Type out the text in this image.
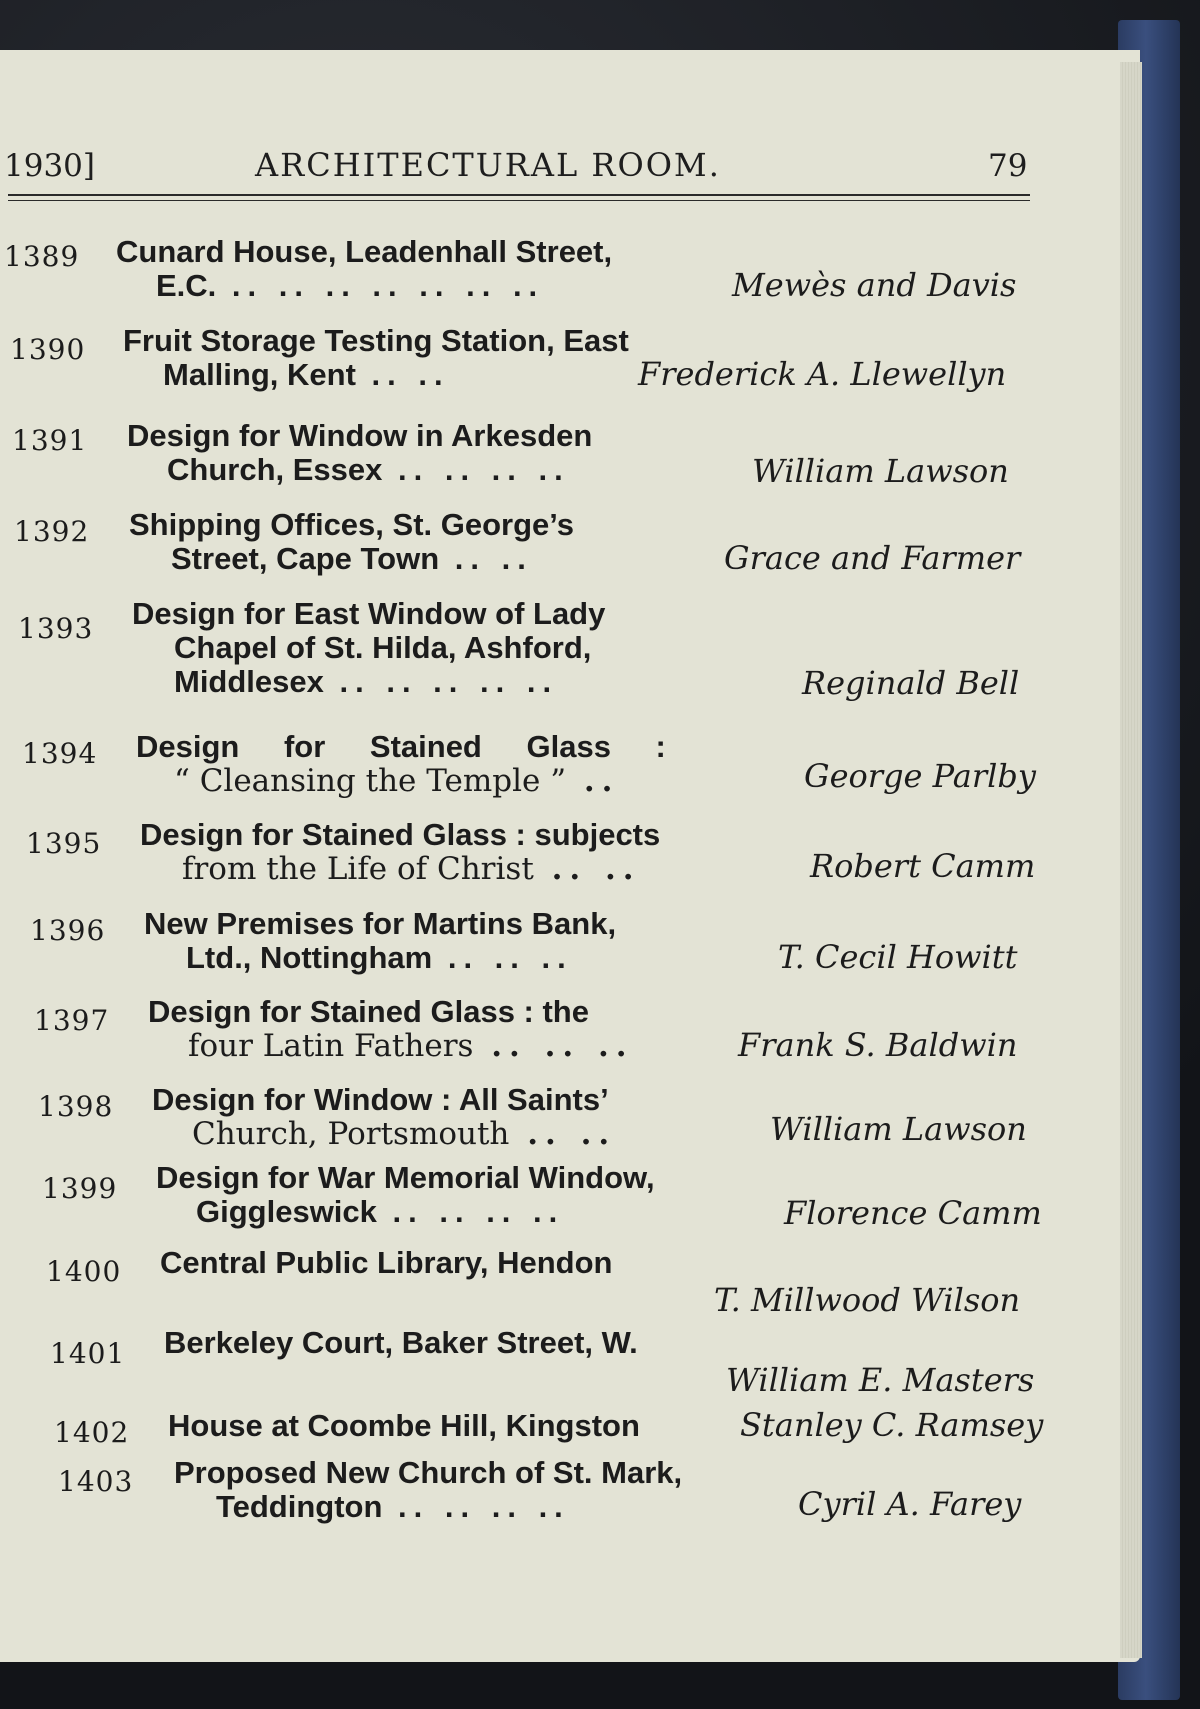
1930]	ARCHITECTURAL ROOM.	79
1389 Cunard House, Leadenhall Street,
E.C. .. .. .. .. .. .. ..	Mewès and Davis
1390 Fruit Storage Testing Station, East
Malling, Kent .. ..	Frederick A. Llewellyn
1391 Design for Window in Arkesden
Church, Essex .. .. .. ..	William Lawson
1392 Shipping Offices, St. George’s
Street, Cape Town .. ..	Grace and Farmer
1393 Design for East Window of Lady
Chapel of St. Hilda, Ashford,
Middlesex .. .. .. .. ..	Reginald Bell
1394 Design for Stained Glass :
“ Cleansing the Temple ” ..	George Parlby
1395 Design for Stained Glass : subjects
from the Life of Christ .. ..	Robert Camm
1396 New Premises for Martins Bank,
Ltd., Nottingham .. .. ..	T. Cecil Howitt
1397 Design for Stained Glass : the
four Latin Fathers .. .. ..	Frank S. Baldwin
1398 Design for Window : All Saints’
Church, Portsmouth .. ..	William Lawson
1399 Design for War Memorial Window,
Giggleswick .. .. .. ..	Florence Camm
1400 Central Public Library, Hendon
T. Millwood Wilson
1401 Berkeley Court, Baker Street, W.
William E. Masters
1402 House at Coombe Hill, Kingston	Stanley C. Ramsey
1403 Proposed New Church of St. Mark,
Teddington .. .. .. ..	Cyril A. Farey
